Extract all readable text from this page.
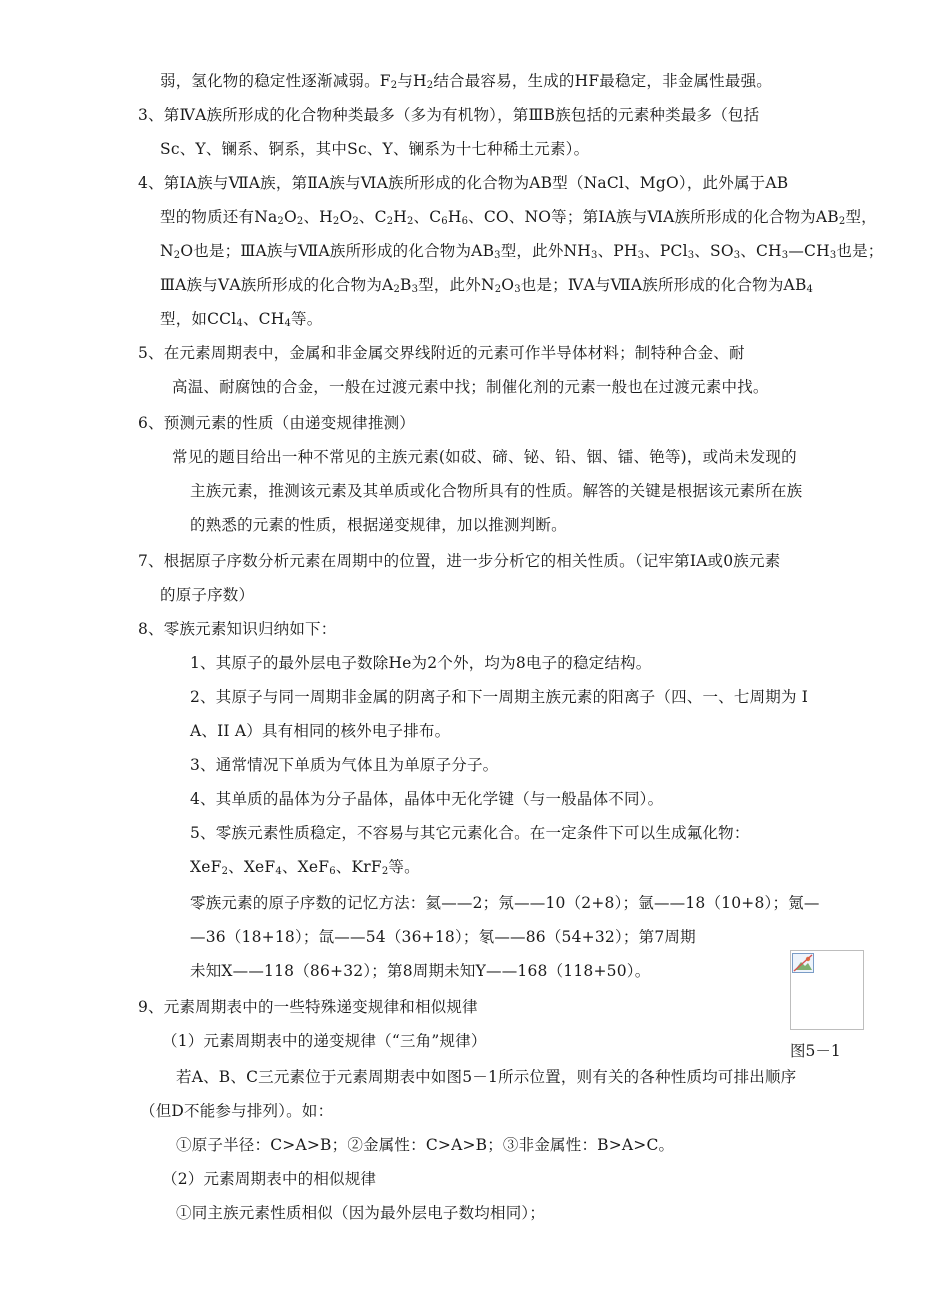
弱，氢化物的稳定性逐渐减弱。$F_2$与$H_2$结合最容易，生成的HF最稳定，非金属性最强。
3、第ⅣA族所形成的化合物种类最多（多为有机物），第ⅢB族包括的元素种类最多（包括
Sc、Y、镧系、锕系，其中Sc、Y、镧系为十七种稀土元素）。
4、第ⅠA族与ⅦA族，第ⅡA族与ⅥA族所形成的化合物为AB型（NaCl、MgO），此外属于AB
型的物质还有$Na_2O_2$、$H_2O_2$、$C_2H_2$、$C_6H_6$、CO、NO等；第ⅠA族与ⅥA族所形成的化合物为$AB_2$型，
$N_2O$也是；ⅢA族与ⅦA族所形成的化合物为$AB_3$型，此外$NH_3$、$PH_3$、PCl$_3$、$SO_3$、$CH_3—CH_3$也是；
ⅢA族与ⅤA族所形成的化合物为$A_2B_3$型，此外$N_2O_3$也是；ⅣA与ⅦA族所形成的化合物为$AB_4$
型，如CCl$_4$、$CH_4$等。
5、在元素周期表中，金属和非金属交界线附近的元素可作半导体材料；制特种合金、耐
高温、耐腐蚀的合金，一般在过渡元素中找；制催化剂的元素一般也在过渡元素中找。
6、预测元素的性质（由递变规律推测）
常见的题目给出一种不常见的主族元素(如砹、碲、铋、铅、铟、镭、铯等)，或尚未发现的
主族元素，推测该元素及其单质或化合物所具有的性质。解答的关键是根据该元素所在族
的熟悉的元素的性质，根据递变规律，加以推测判断。
7、根据原子序数分析元素在周期中的位置，进一步分析它的相关性质。（记牢第ⅠA或0族元素
的原子序数）
8、零族元素知识归纳如下：
1、其原子的最外层电子数除He为2个外，均为8电子的稳定结构。
2、其原子与同一周期非金属的阴离子和下一周期主族元素的阳离子（四、一、七周期为 I
A、II A）具有相同的核外电子排布。
3、通常情况下单质为气体且为单原子分子。
4、其单质的晶体为分子晶体，晶体中无化学键（与一般晶体不同）。
5、零族元素性质稳定，不容易与其它元素化合。在一定条件下可以生成氟化物：
XeF$_2$、XeF$_4$、XeF$_6$、KrF$_2$等。
零族元素的原子序数的记忆方法：氦——2；氖——10（2+8）；氩——18（10+8）；氪—
—36（18+18）；氙——54（36+18）；氡——86（54+32）；第7周期
未知X——118（86+32）；第8周期未知Y——168（118+50）。
9、元素周期表中的一些特殊递变规律和相似规律
（1）元素周期表中的递变规律（“三角”规律）
若A、B、C三元素位于元素周期表中如图5－1所示位置，则有关的各种性质均可排出顺序
（但D不能参与排列）。如：
①原子半径：C>A>B；②金属性：C>A>B；③非金属性：B>A>C。
（2）元素周期表中的相似规律
①同主族元素性质相似（因为最外层电子数均相同）；
图5－1
